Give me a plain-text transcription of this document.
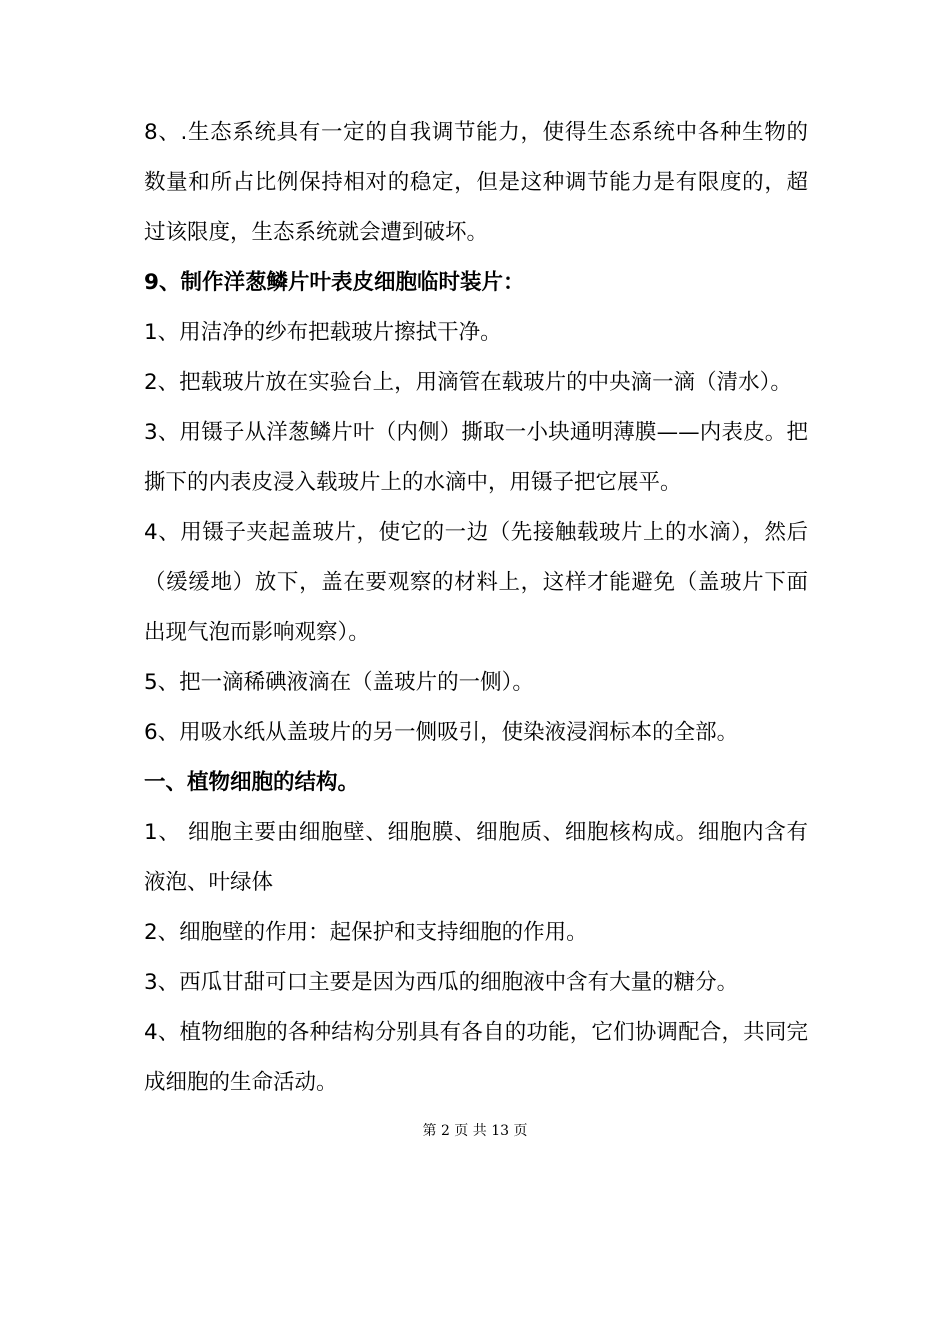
8、.生态系统具有一定的自我调节能力，使得生态系统中各种生物的数量和所占比例保持相对的稳定，但是这种调节能力是有限度的，超过该限度，生态系统就会遭到破坏。

9、制作洋葱鳞片叶表皮细胞临时装片：

1、用洁净的纱布把载玻片擦拭干净。

2、把载玻片放在实验台上，用滴管在载玻片的中央滴一滴（清水）。

3、用镊子从洋葱鳞片叶（内侧）撕取一小块通明薄膜——内表皮。把撕下的内表皮浸入载玻片上的水滴中，用镊子把它展平。

4、用镊子夹起盖玻片，使它的一边（先接触载玻片上的水滴），然后（缓缓地）放下，盖在要观察的材料上，这样才能避免（盖玻片下面出现气泡而影响观察）。

5、把一滴稀碘液滴在（盖玻片的一侧）。

6、用吸水纸从盖玻片的另一侧吸引，使染液浸润标本的全部。

一、植物细胞的结构。

1、 细胞主要由细胞壁、细胞膜、细胞质、细胞核构成。细胞内含有液泡、叶绿体

2、细胞壁的作用：起保护和支持细胞的作用。

3、西瓜甘甜可口主要是因为西瓜的细胞液中含有大量的糖分。

4、植物细胞的各种结构分别具有各自的功能，它们协调配合，共同完成细胞的生命活动。

第 2 页 共 13 页
